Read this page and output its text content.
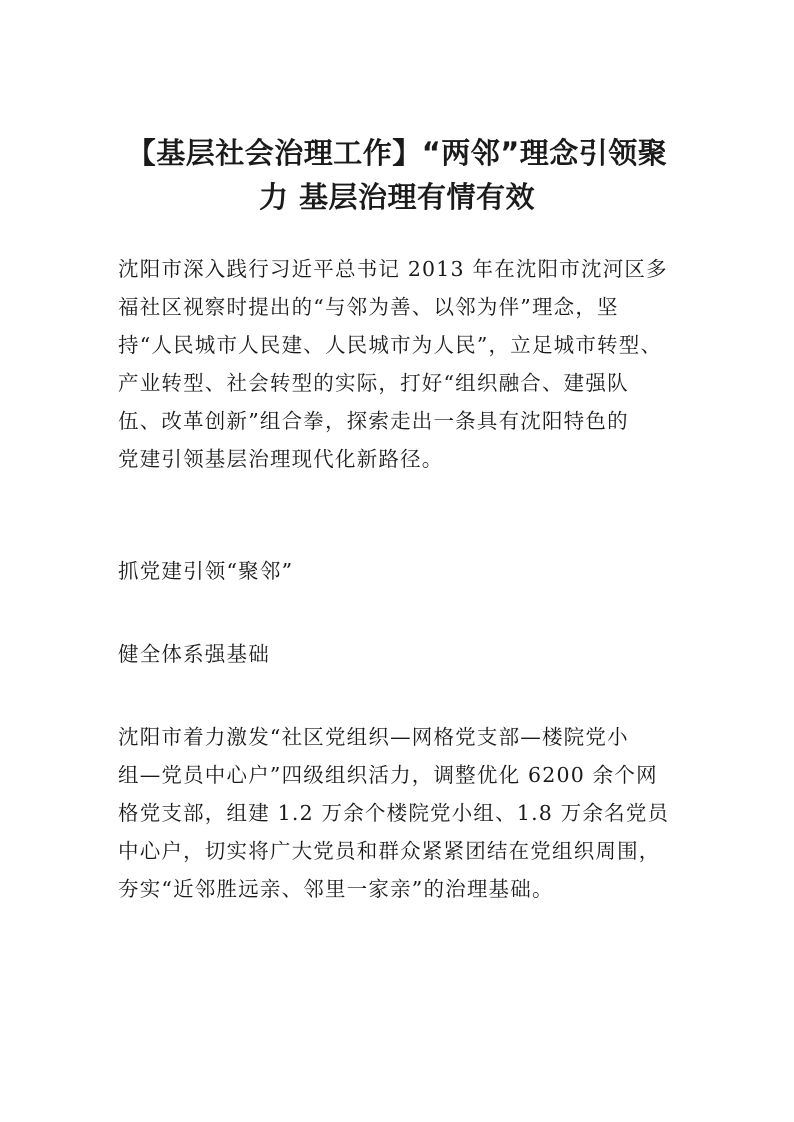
【基层社会治理工作】“两邻”理念引领聚
力 基层治理有情有效

沈阳市深入践行习近平总书记 2013 年在沈阳市沈河区多
福社区视察时提出的“与邻为善、以邻为伴”理念，坚
持“人民城市人民建、人民城市为人民”，立足城市转型、
产业转型、社会转型的实际，打好“组织融合、建强队
伍、改革创新”组合拳，探索走出一条具有沈阳特色的
党建引领基层治理现代化新路径。

抓党建引领“聚邻”

健全体系强基础

沈阳市着力激发“社区党组织—网格党支部—楼院党小
组—党员中心户”四级组织活力，调整优化 6200 余个网
格党支部，组建 1.2 万余个楼院党小组、1.8 万余名党员
中心户，切实将广大党员和群众紧紧团结在党组织周围，
夯实“近邻胜远亲、邻里一家亲”的治理基础。
